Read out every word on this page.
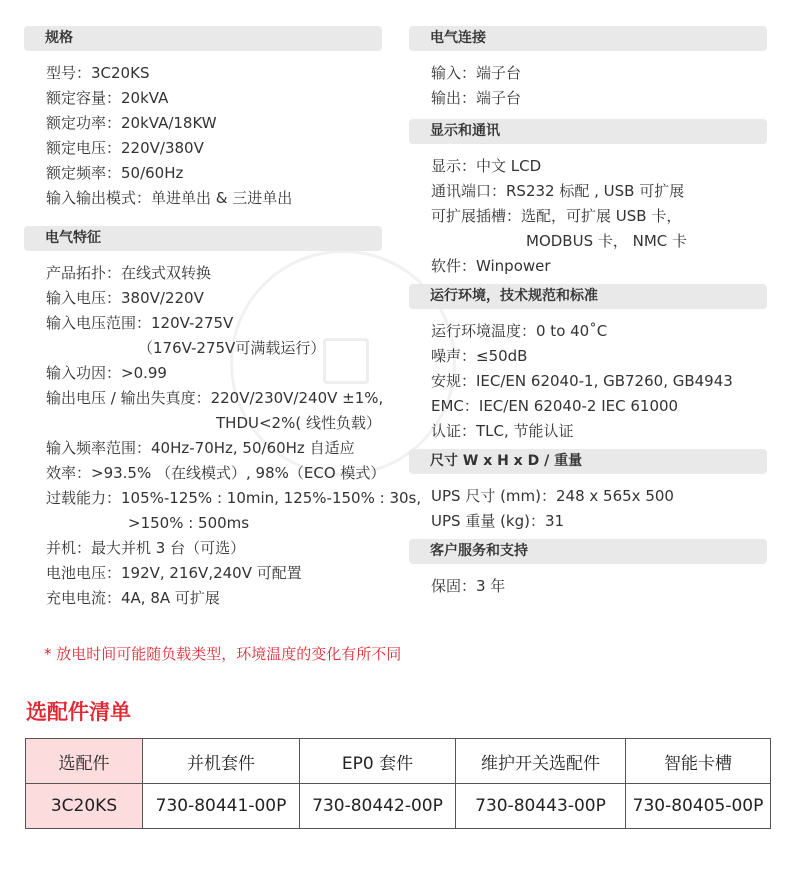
规格
型号：3C20KS
额定容量：20kVA
额定功率：20kVA/18KW
额定电压：220V/380V
额定频率：50/60Hz
输入输出模式：单进单出 & 三进单出
电气特征
产品拓扑：在线式双转换
输入电压：380V/220V
输入电压范围：120V-275V
（176V-275V可满载运行）
输入功因：>0.99
输出电压 / 输出失真度：220V/230V/240V ±1%,
THDU<2%( 线性负载）
输入频率范围：40Hz-70Hz, 50/60Hz 自适应
效率：>93.5% （在线模式）, 98%（ECO 模式）
过载能力：105%-125% : 10min, 125%-150% : 30s,
>150% : 500ms
并机：最大并机 3 台（可选）
电池电压：192V, 216V,240V 可配置
充电电流：4A, 8A 可扩展
电气连接
输入：端子台
输出：端子台
显示和通讯
显示：中文 LCD
通讯端口：RS232 标配 , USB 可扩展
可扩展插槽：选配，可扩展 USB 卡，
MODBUS 卡， NMC 卡
软件：Winpower
运行环境，技术规范和标准
运行环境温度：0 to 40˚C
噪声：≤50dB
安规：IEC/EN 62040-1, GB7260, GB4943
EMC：IEC/EN 62040-2 IEC 61000
认证：TLC, 节能认证
尺寸 W x H x D / 重量
UPS 尺寸 (mm)：248 x 565x 500
UPS 重量 (kg)：31
客户服务和支持
保固：3 年
* 放电时间可能随负载类型，环境温度的变化有所不同
选配件清单
选配件	并机套件	EP0 套件	维护开关选配件	智能卡槽
3C20KS	730-80441-00P	730-80442-00P	730-80443-00P	730-80405-00P
